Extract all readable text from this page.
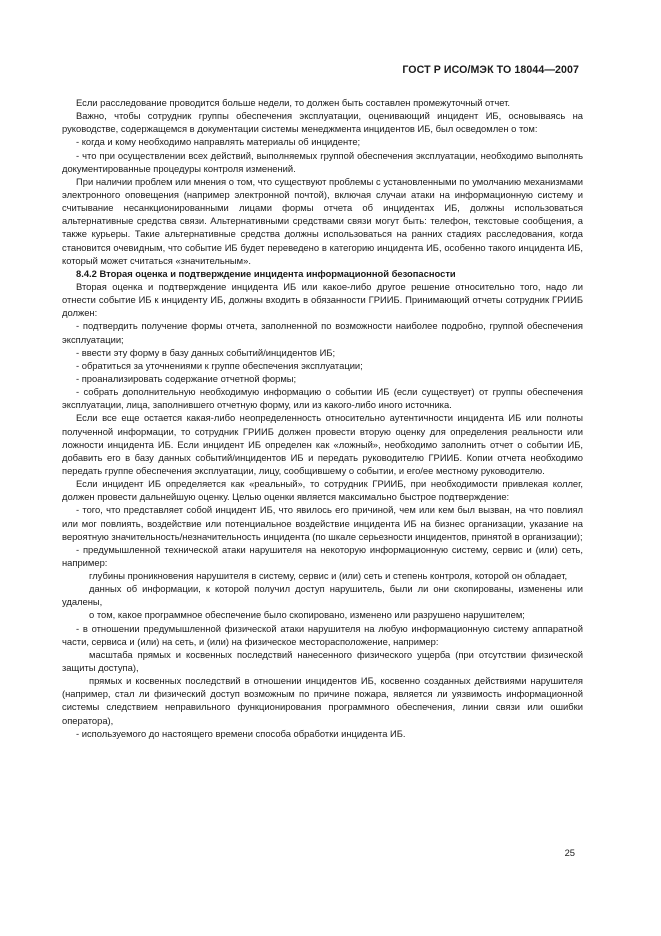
ГОСТ Р ИСО/МЭК ТО 18044—2007

Если расследование проводится больше недели, то должен быть составлен промежуточный отчет.

Важно, чтобы сотрудник группы обеспечения эксплуатации, оценивающий инцидент ИБ, основываясь на руководстве, содержащемся в документации системы менеджмента инцидентов ИБ, был осведомлен о том:

- когда и кому необходимо направлять материалы об инциденте;

- что при осуществлении всех действий, выполняемых группой обеспечения эксплуатации, необходимо выполнять документированные процедуры контроля изменений.

При наличии проблем или мнения о том, что существуют проблемы с установленными по умолчанию механизмами электронного оповещения (например электронной почтой), включая случаи атаки на информационную систему и считывание несанкционированными лицами формы отчета об инцидентах ИБ, должны использоваться альтернативные средства связи. Альтернативными средствами связи могут быть: телефон, текстовые сообщения, а также курьеры. Такие альтернативные средства должны использоваться на ранних стадиях расследования, когда становится очевидным, что событие ИБ будет переведено в категорию инцидента ИБ, особенно такого инцидента ИБ, который может считаться «значительным».

8.4.2 Вторая оценка и подтверждение инцидента информационной безопасности

Вторая оценка и подтверждение инцидента ИБ или какое-либо другое решение относительно того, надо ли отнести событие ИБ к инциденту ИБ, должны входить в обязанности ГРИИБ. Принимающий отчеты сотрудник ГРИИБ должен:

- подтвердить получение формы отчета, заполненной по возможности наиболее подробно, группой обеспечения эксплуатации;

- ввести эту форму в базу данных событий/инцидентов ИБ;

- обратиться за уточнениями к группе обеспечения эксплуатации;

- проанализировать содержание отчетной формы;

- собрать дополнительную необходимую информацию о событии ИБ (если существует) от группы обеспечения эксплуатации, лица, заполнившего отчетную форму, или из какого-либо иного источника.

Если все еще остается какая-либо неопределенность относительно аутентичности инцидента ИБ или полноты полученной информации, то сотрудник ГРИИБ должен провести вторую оценку для определения реальности или ложности инцидента ИБ. Если инцидент ИБ определен как «ложный», необходимо заполнить отчет о событии ИБ, добавить его в базу данных событий/инцидентов ИБ и передать руководителю ГРИИБ. Копии отчета необходимо передать группе обеспечения эксплуатации, лицу, сообщившему о событии, и его/ее местному руководителю.

Если инцидент ИБ определяется как «реальный», то сотрудник ГРИИБ, при необходимости привлекая коллег, должен провести дальнейшую оценку. Целью оценки является максимально быстрое подтверждение:

- того, что представляет собой инцидент ИБ, что явилось его причиной, чем или кем был вызван, на что повлиял или мог повлиять, воздействие или потенциальное воздействие инцидента ИБ на бизнес организации, указание на вероятную значительность/незначительность инцидента (по шкале серьезности инцидентов, принятой в организации);

- предумышленной технической атаки нарушителя на некоторую информационную систему, сервис и (или) сеть, например:

глубины проникновения нарушителя в систему, сервис и (или) сеть и степень контроля, которой он обладает,

данных об информации, к которой получил доступ нарушитель, были ли они скопированы, изменены или удалены,

о том, какое программное обеспечение было скопировано, изменено или разрушено нарушителем;

- в отношении предумышленной физической атаки нарушителя на любую информационную систему аппаратной части, сервиса и (или) на сеть, и (или) на физическое месторасположение, например:

масштаба прямых и косвенных последствий нанесенного физического ущерба (при отсутствии физической защиты доступа),

прямых и косвенных последствий в отношении инцидентов ИБ, косвенно созданных действиями нарушителя (например, стал ли физический доступ возможным по причине пожара, является ли уязвимость информационной системы следствием неправильного функционирования программного обеспечения, линии связи или ошибки оператора),

- используемого до настоящего времени способа обработки инцидента ИБ.

25
